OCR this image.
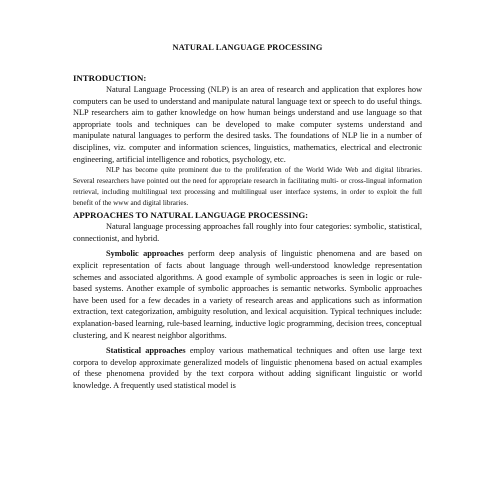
NATURAL LANGUAGE PROCESSING
INTRODUCTION:

Natural Language Processing (NLP) is an area of research and application that explores how computers can be used to understand and manipulate natural language text or speech to do useful things. NLP researchers aim to gather knowledge on how human beings understand and use language so that appropriate tools and techniques can be developed to make computer systems understand and manipulate natural languages to perform the desired tasks. The foundations of NLP lie in a number of disciplines, viz. computer and information sciences, linguistics, mathematics, electrical and electronic engineering, artificial intelligence and robotics, psychology, etc.

NLP has become quite prominent due to the proliferation of the World Wide Web and digital libraries. Several researchers have pointed out the need for appropriate research in facilitating multi- or cross-lingual information retrieval, including multilingual text processing and multilingual user interface systems, in order to exploit the full benefit of the www and digital libraries.

APPROACHES TO NATURAL LANGUAGE PROCESSING:

Natural language processing approaches fall roughly into four categories: symbolic, statistical, connectionist, and hybrid.

Symbolic approaches perform deep analysis of linguistic phenomena and are based on explicit representation of facts about language through well-understood knowledge representation schemes and associated algorithms. A good example of symbolic approaches is seen in logic or rule-based systems. Another example of symbolic approaches is semantic networks. Symbolic approaches have been used for a few decades in a variety of research areas and applications such as information extraction, text categorization, ambiguity resolution, and lexical acquisition. Typical techniques include: explanation-based learning, rule-based learning, inductive logic programming, decision trees, conceptual clustering, and K nearest neighbor algorithms.

Statistical approaches employ various mathematical techniques and often use large text corpora to develop approximate generalized models of linguistic phenomena based on actual examples of these phenomena provided by the text corpora without adding significant linguistic or world knowledge. A frequently used statistical model is
